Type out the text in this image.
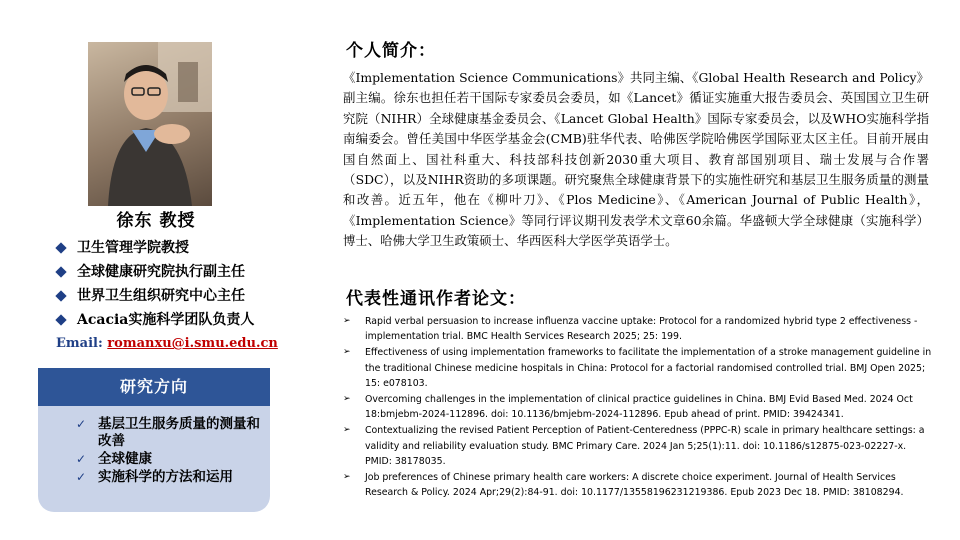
徐东 教授
卫生管理学院教授
全球健康研究院执行副主任
世界卫生组织研究中心主任
Acacia实施科学团队负责人
Email: romanxu@i.smu.edu.cn
研究方向
✓ 基层卫生服务质量的测量和改善
✓ 全球健康
✓ 实施科学的方法和运用
个人简介：

《Implementation Science Communications》共同主编、《Global Health Research and Policy》副主编。徐东也担任若干国际专家委员会委员，如《Lancet》循证实施重大报告委员会、英国国立卫生研究院（NIHR）全球健康基金委员会、《Lancet Global Health》国际专家委员会，以及WHO实施科学指南编委会。曾任美国中华医学基金会(CMB)驻华代表、哈佛医学院哈佛医学国际亚太区主任。目前开展由国自然面上、国社科重大、科技部科技创新2030重大项目、教育部国别项目、瑞士发展与合作署（SDC），以及NIHR资助的多项课题。研究聚焦全球健康背景下的实施性研究和基层卫生服务质量的测量和改善。近五年，他在《柳叶刀》、《Plos Medicine》、《American Journal of Public Health》，《Implementation Science》等同行评议期刊发表学术文章60余篇。华盛顿大学全球健康（实施科学）博士、哈佛大学卫生政策硕士、华西医科大学医学英语学士。

代表性通讯作者论文：
➢	Rapid verbal persuasion to increase influenza vaccine uptake: Protocol for a randomized hybrid type 2 effectiveness -implementation trial. BMC Health Services Research 2025; 25: 199.
➢	Effectiveness of using implementation frameworks to facilitate the implementation of a stroke management guideline in the traditional Chinese medicine hospitals in China: Protocol for a factorial randomised controlled trial. BMJ Open 2025; 15: e078103.
➢	Overcoming challenges in the implementation of clinical practice guidelines in China. BMJ Evid Based Med. 2024 Oct 18:bmjebm-2024-112896. doi: 10.1136/bmjebm-2024-112896. Epub ahead of print. PMID: 39424341.
➢	Contextualizing the revised Patient Perception of Patient-Centeredness (PPPC-R) scale in primary healthcare settings: a validity and reliability evaluation study. BMC Primary Care. 2024 Jan 5;25(1):11. doi: 10.1186/s12875-023-02227-x. PMID: 38178035.
➢	Job preferences of Chinese primary health care workers: A discrete choice experiment. Journal of Health Services Research & Policy. 2024 Apr;29(2):84-91. doi: 10.1177/13558196231219386. Epub 2023 Dec 18. PMID: 38108294.
